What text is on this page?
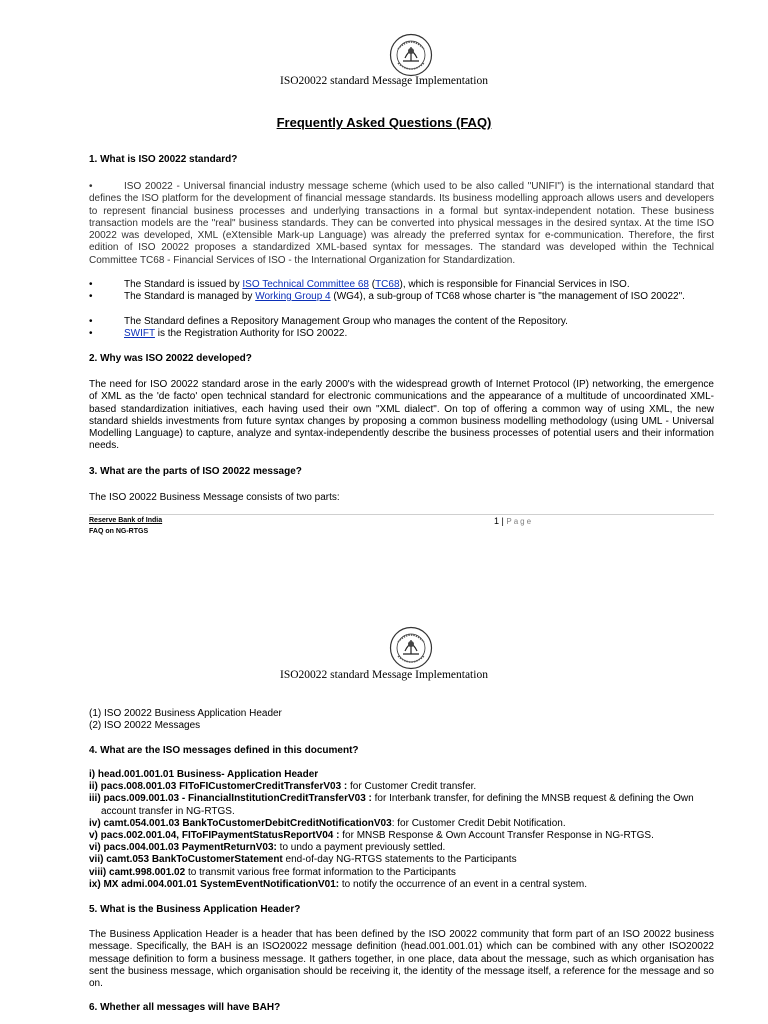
ISO20022 standard Message Implementation
Frequently Asked Questions (FAQ)
1. What is ISO 20022 standard?
•	ISO 20022 - Universal financial industry message scheme (which used to be also called "UNIFI") is the international standard that defines the ISO platform for the development of financial message standards. Its business modelling approach allows users and developers to represent financial business processes and underlying transactions in a formal but syntax-independent notation. These business transaction models are the "real" business standards. They can be converted into physical messages in the desired syntax. At the time ISO 20022 was developed, XML (eXtensible Mark-up Language) was already the preferred syntax for e-communication. Therefore, the first edition of ISO 20022 proposes a standardized XML-based syntax for messages. The standard was developed within the Technical Committee TC68 - Financial Services of ISO - the International Organization for Standardization.
•	The Standard is issued by ISO Technical Committee 68 (TC68), which is responsible for Financial Services in ISO.
•	The Standard is managed by Working Group 4 (WG4), a sub-group of TC68 whose charter is "the management of ISO 20022".
•	The Standard defines a Repository Management Group who manages the content of the Repository.
•	SWIFT is the Registration Authority for ISO 20022.
2. Why was ISO 20022 developed?
The need for ISO 20022 standard arose in the early 2000's with the widespread growth of Internet Protocol (IP) networking, the emergence of XML as the 'de facto' open technical standard for electronic communications and the appearance of a multitude of uncoordinated XML-based standardization initiatives, each having used their own "XML dialect". On top of offering a common way of using XML, the new standard shields investments from future syntax changes by proposing a common business modelling methodology (using UML - Universal Modelling Language) to capture, analyze and syntax-independently describe the business processes of potential users and their information needs.
3. What are the parts of ISO 20022 message?
The ISO 20022 Business Message consists of two parts:
Reserve Bank of India
FAQ on NG-RTGS
1 | Page
ISO20022 standard Message Implementation
(1) ISO 20022 Business Application Header
(2) ISO 20022 Messages
4. What are the ISO messages defined in this document?
i) head.001.001.01 Business- Application Header
ii) pacs.008.001.03 FIToFICustomerCreditTransferV03 : for Customer Credit transfer.
iii) pacs.009.001.03 - FinancialInstitutionCreditTransferV03 : for Interbank transfer, for defining the MNSB request & defining the Own account transfer in NG-RTGS.
iv) camt.054.001.03 BankToCustomerDebitCreditNotificationV03: for Customer Credit Debit Notification.
v) pacs.002.001.04, FIToFIPaymentStatusReportV04 : for MNSB Response & Own Account Transfer Response in NG-RTGS.
vi) pacs.004.001.03 PaymentReturnV03: to undo a payment previously settled.
vii) camt.053 BankToCustomerStatement end-of-day NG-RTGS statements to the Participants
viii) camt.998.001.02 to transmit various free format information to the Participants
ix) MX admi.004.001.01 SystemEventNotificationV01: to notify the occurrence of an event in a central system.
5. What is the Business Application Header?
The Business Application Header is a header that has been defined by the ISO 20022 community that form part of an ISO 20022 business message. Specifically, the BAH is an ISO20022 message definition (head.001.001.01) which can be combined with any other ISO20022 message definition to form a business message. It gathers together, in one place, data about the message, such as which organisation has sent the business message, which organisation should be receiving it, the identity of the message itself, a reference for the message and so on.
6. Whether all messages will have BAH?
